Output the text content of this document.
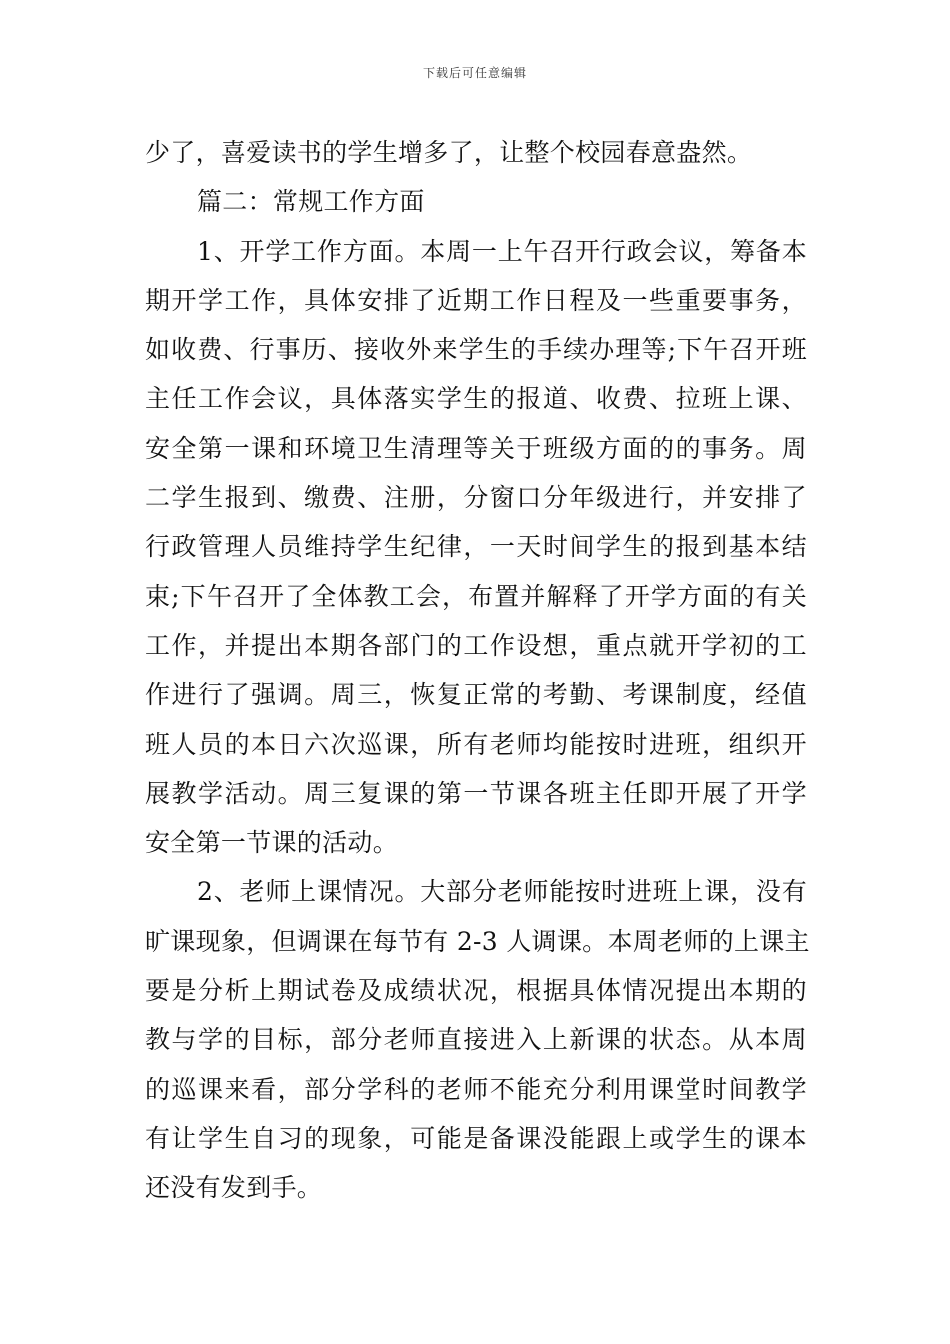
下载后可任意编辑
少了，喜爱读书的学生增多了，让整个校园春意盎然。
篇二：常规工作方面
1、开学工作方面。本周一上午召开行政会议，筹备本
期开学工作，具体安排了近期工作日程及一些重要事务，
如收费、行事历、接收外来学生的手续办理等;下午召开班
主任工作会议，具体落实学生的报道、收费、拉班上课、
安全第一课和环境卫生清理等关于班级方面的的事务。周
二学生报到、缴费、注册，分窗口分年级进行，并安排了
行政管理人员维持学生纪律，一天时间学生的报到基本结
束;下午召开了全体教工会，布置并解释了开学方面的有关
工作，并提出本期各部门的工作设想，重点就开学初的工
作进行了强调。周三，恢复正常的考勤、考课制度，经值
班人员的本日六次巡课，所有老师均能按时进班，组织开
展教学活动。周三复课的第一节课各班主任即开展了开学
安全第一节课的活动。
2、老师上课情况。大部分老师能按时进班上课，没有
旷课现象，但调课在每节有 2-3 人调课。本周老师的上课主
要是分析上期试卷及成绩状况，根据具体情况提出本期的
教与学的目标，部分老师直接进入上新课的状态。从本周
的巡课来看，部分学科的老师不能充分利用课堂时间教学
有让学生自习的现象，可能是备课没能跟上或学生的课本
还没有发到手。
